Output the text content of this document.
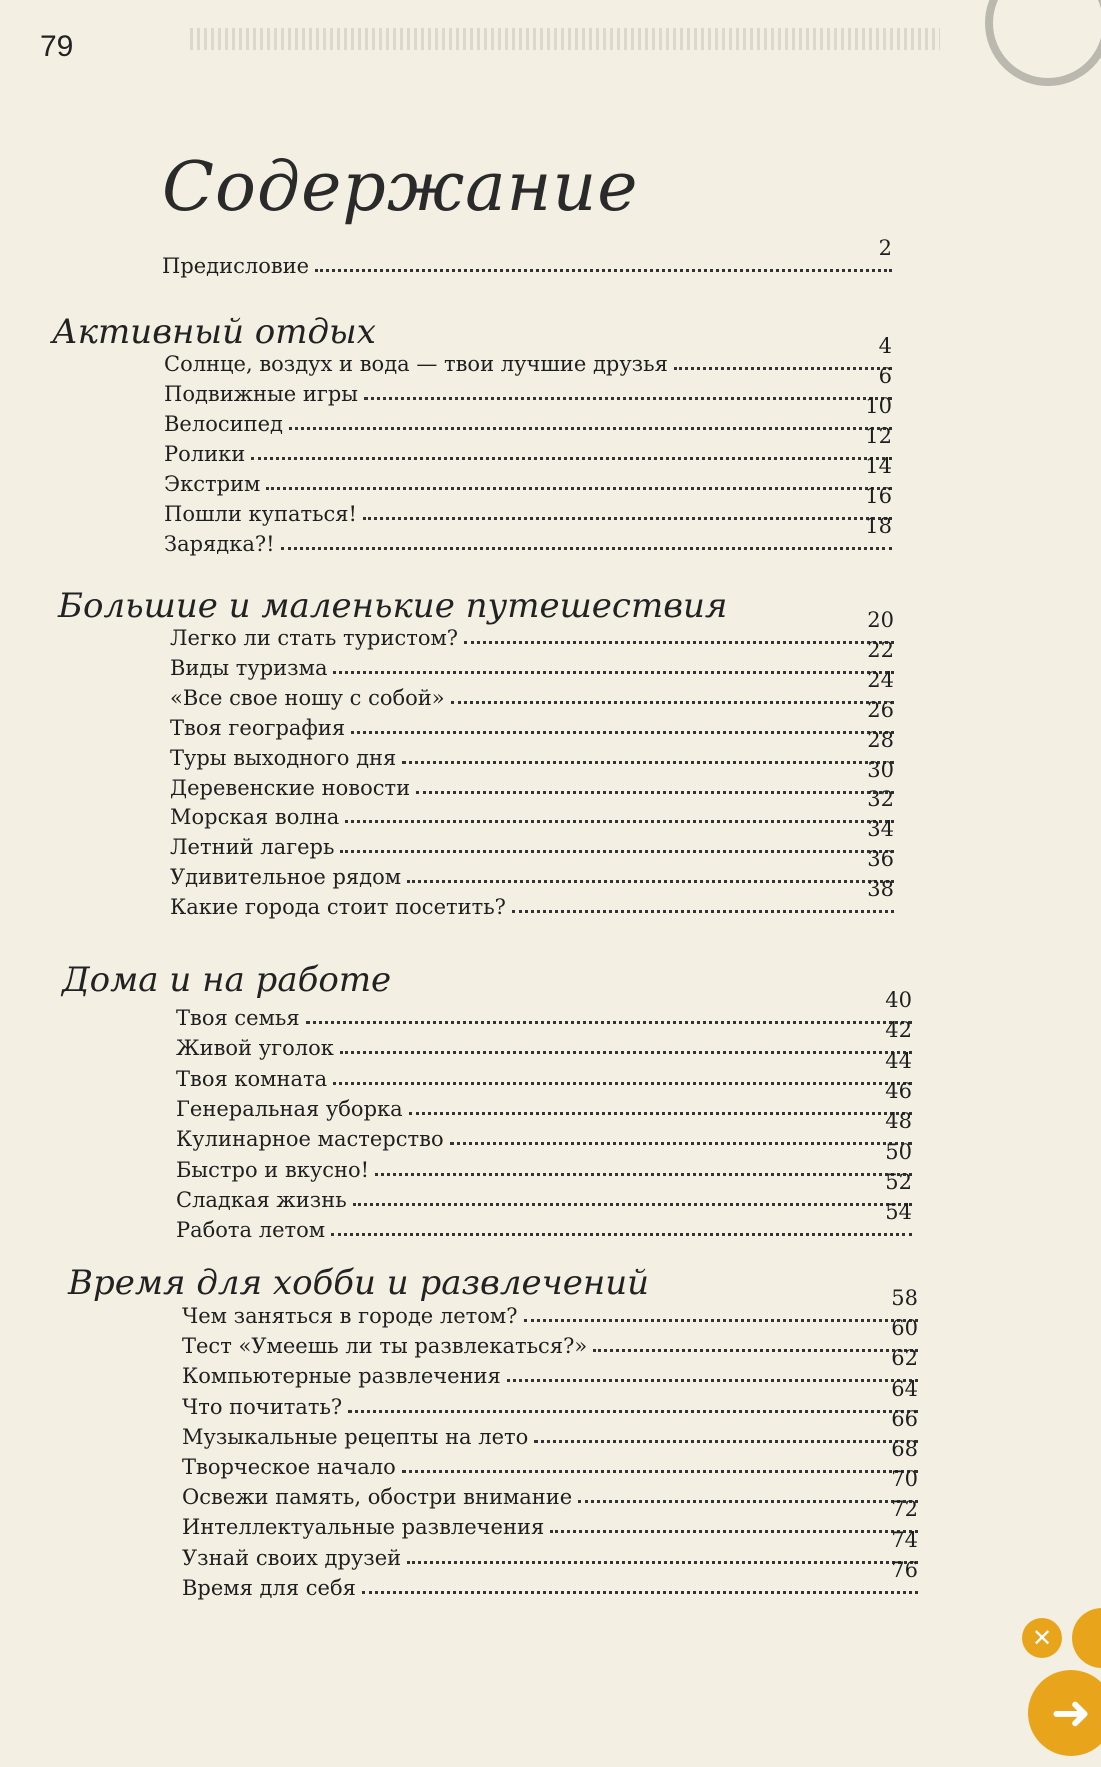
79
Содержание
Предисловие
2
Активный отдых
Солнце, воздух и вода — твои лучшие друзья
4
Подвижные игры
6
Велосипед
10
Ролики
12
Экстрим
14
Пошли купаться!
16
Зарядка?!
18
Большие и маленькие путешествия
Легко ли стать туристом?
20
Виды туризма
22
«Все свое ношу с собой»
24
Твоя география
26
Туры выходного дня
28
Деревенские новости
30
Морская волна
32
Летний лагерь
34
Удивительное рядом
36
Какие города стоит посетить?
38
Дома и на работе
Твоя семья
40
Живой уголок
42
Твоя комната
44
Генеральная уборка
46
Кулинарное мастерство
48
Быстро и вкусно!
50
Сладкая жизнь
52
Работа летом
54
Время для хобби и развлечений
Чем заняться в городе летом?
58
Тест «Умеешь ли ты развлекаться?»
60
Компьютерные развлечения
62
Что почитать?
64
Музыкальные рецепты на лето
66
Творческое начало
68
Освежи память, обостри внимание
70
Интеллектуальные развлечения
72
Узнай своих друзей
74
Время для себя
76
✕
➜
